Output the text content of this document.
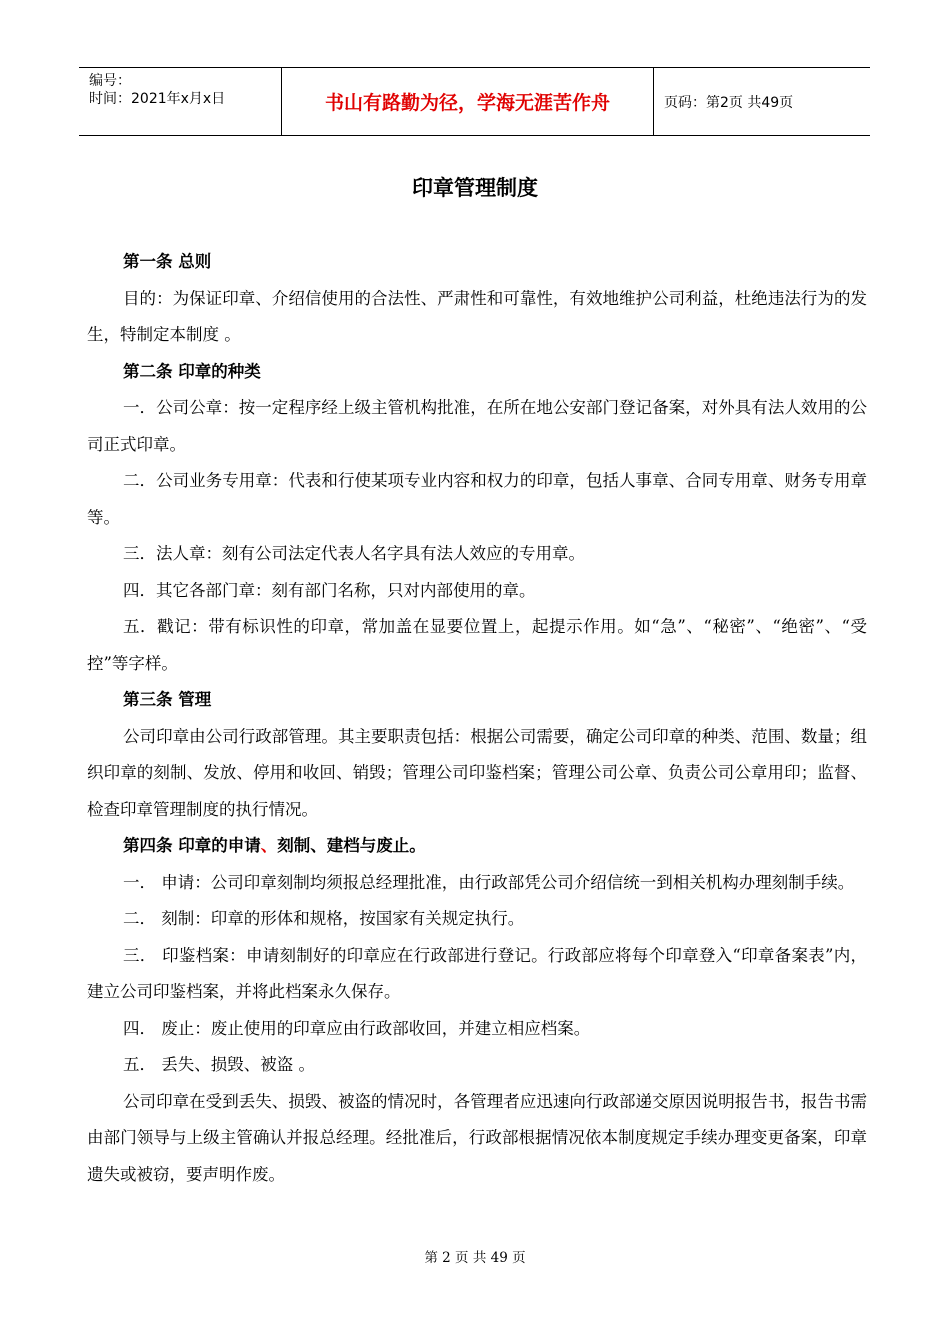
编号：
时间：2021年x月x日	书山有路勤为径，学海无涯苦作舟	页码：第2页 共49页
印章管理制度

第一条 总则

目的：为保证印章、介绍信使用的合法性、严肃性和可靠性，有效地维护公司利益，杜绝违法行为的发生，特制定本制度 。

第二条 印章的种类

一．公司公章：按一定程序经上级主管机构批准，在所在地公安部门登记备案，对外具有法人效用的公司正式印章。

二．公司业务专用章：代表和行使某项专业内容和权力的印章，包括人事章、合同专用章、财务专用章等。

三．法人章：刻有公司法定代表人名字具有法人效应的专用章。

四．其它各部门章：刻有部门名称，只对内部使用的章。

五．戳记：带有标识性的印章，常加盖在显要位置上，起提示作用。如“急”、“秘密”、“绝密”、“受控”等字样。

第三条 管理

公司印章由公司行政部管理。其主要职责包括：根据公司需要，确定公司印章的种类、范围、数量；组织印章的刻制、发放、停用和收回、销毁；管理公司印鉴档案；管理公司公章、负责公司公章用印；监督、检查印章管理制度的执行情况。

第四条 印章的申请、刻制、建档与废止。

一． 申请：公司印章刻制均须报总经理批准，由行政部凭公司介绍信统一到相关机构办理刻制手续。

二． 刻制：印章的形体和规格，按国家有关规定执行。

三． 印鉴档案：申请刻制好的印章应在行政部进行登记。行政部应将每个印章登入“印章备案表”内，建立公司印鉴档案，并将此档案永久保存。

四． 废止：废止使用的印章应由行政部收回，并建立相应档案。

五． 丢失、损毁、被盗 。

公司印章在受到丢失、损毁、被盗的情况时，各管理者应迅速向行政部递交原因说明报告书，报告书需由部门领导与上级主管确认并报总经理。经批准后，行政部根据情况依本制度规定手续办理变更备案，印章遗失或被窃，要声明作废。

第 2 页 共 49 页
